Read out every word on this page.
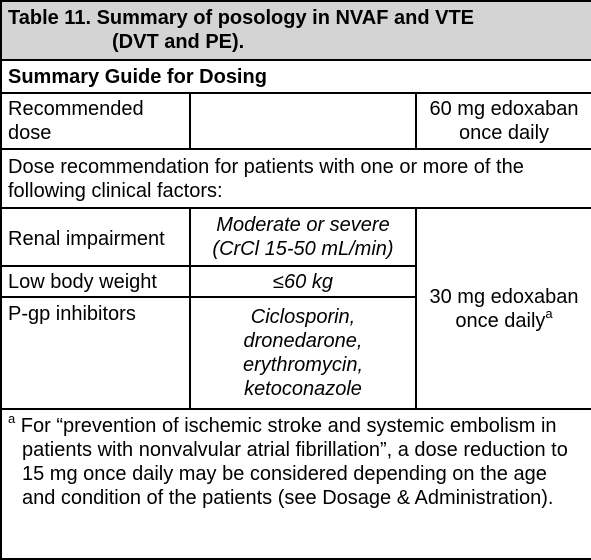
Table 11. Summary of posology in NVAF and VTE
(DVT and PE).		

Summary Guide for Dosing		
Recommended
dose		60 mg edoxaban
once daily
Dose recommendation for patients with one or more of the following clinical factors:		
Renal impairment	Moderate or severe
(CrCl 15-50 mL/min)	30 mg edoxaban
once daily$^a$
Low body weight	≤60 kg	
P-gp inhibitors	Ciclosporin,
dronedarone,
erythromycin,
ketoconazole	

$^a$ For “prevention of ischemic stroke and systemic embolism in patients with nonvalvular atrial fibrillation”, a dose reduction to 15 mg once daily may be considered depending on the age and condition of the patients (see Dosage & Administration).		
